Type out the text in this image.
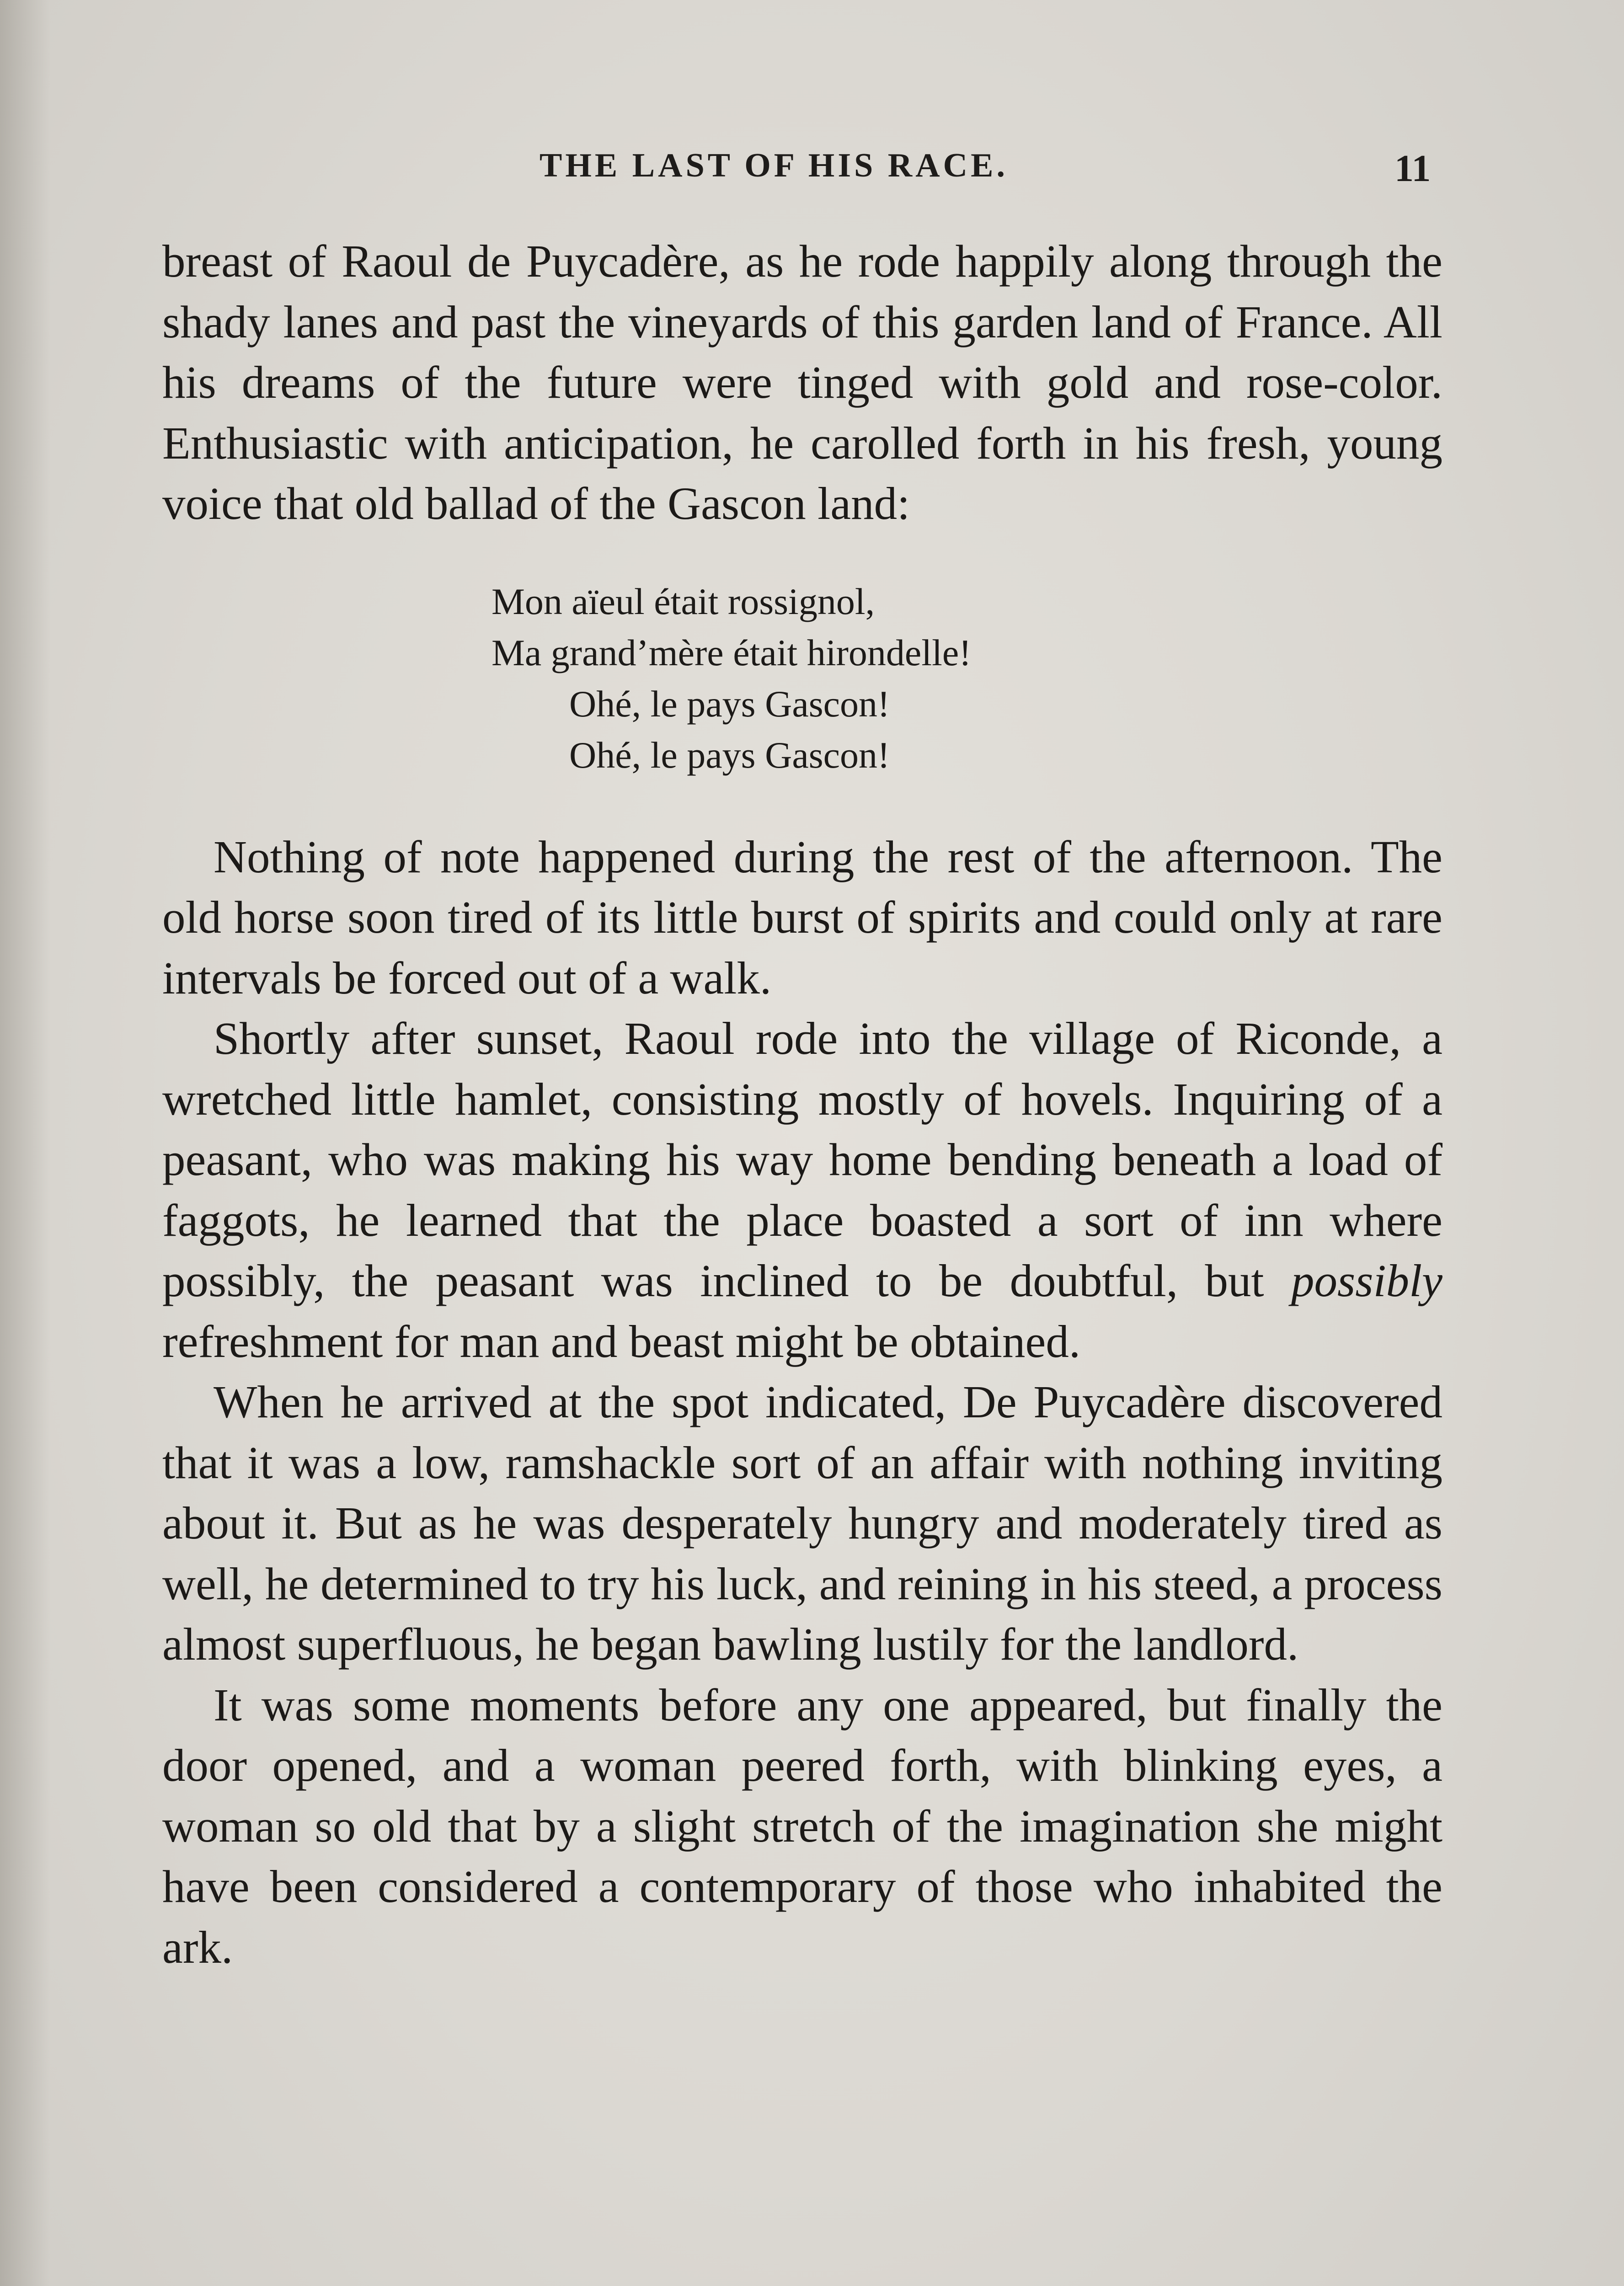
THE LAST OF HIS RACE.	11

breast of Raoul de Puycadère, as he rode happily along through the shady lanes and past the vineyards of this garden land of France. All his dreams of the future were tinged with gold and rose-color. Enthusiastic with anticipation, he carolled forth in his fresh, young voice that old ballad of the Gascon land:

Mon aïeul était rossignol,
Ma grand’mère était hirondelle!
Ohé, le pays Gascon!
Ohé, le pays Gascon!

Nothing of note happened during the rest of the afternoon. The old horse soon tired of its little burst of spirits and could only at rare intervals be forced out of a walk.

Shortly after sunset, Raoul rode into the village of Riconde, a wretched little hamlet, consisting mostly of hovels. Inquiring of a peasant, who was making his way home bending beneath a load of faggots, he learned that the place boasted a sort of inn where possibly, the peasant was inclined to be doubtful, but possibly refreshment for man and beast might be obtained.

When he arrived at the spot indicated, De Puycadère discovered that it was a low, ramshackle sort of an affair with nothing inviting about it. But as he was desperately hungry and moderately tired as well, he determined to try his luck, and reining in his steed, a process almost superfluous, he began bawling lustily for the landlord.

It was some moments before any one appeared, but finally the door opened, and a woman peered forth, with blinking eyes, a woman so old that by a slight stretch of the imagination she might have been considered a contemporary of those who inhabited the ark.
